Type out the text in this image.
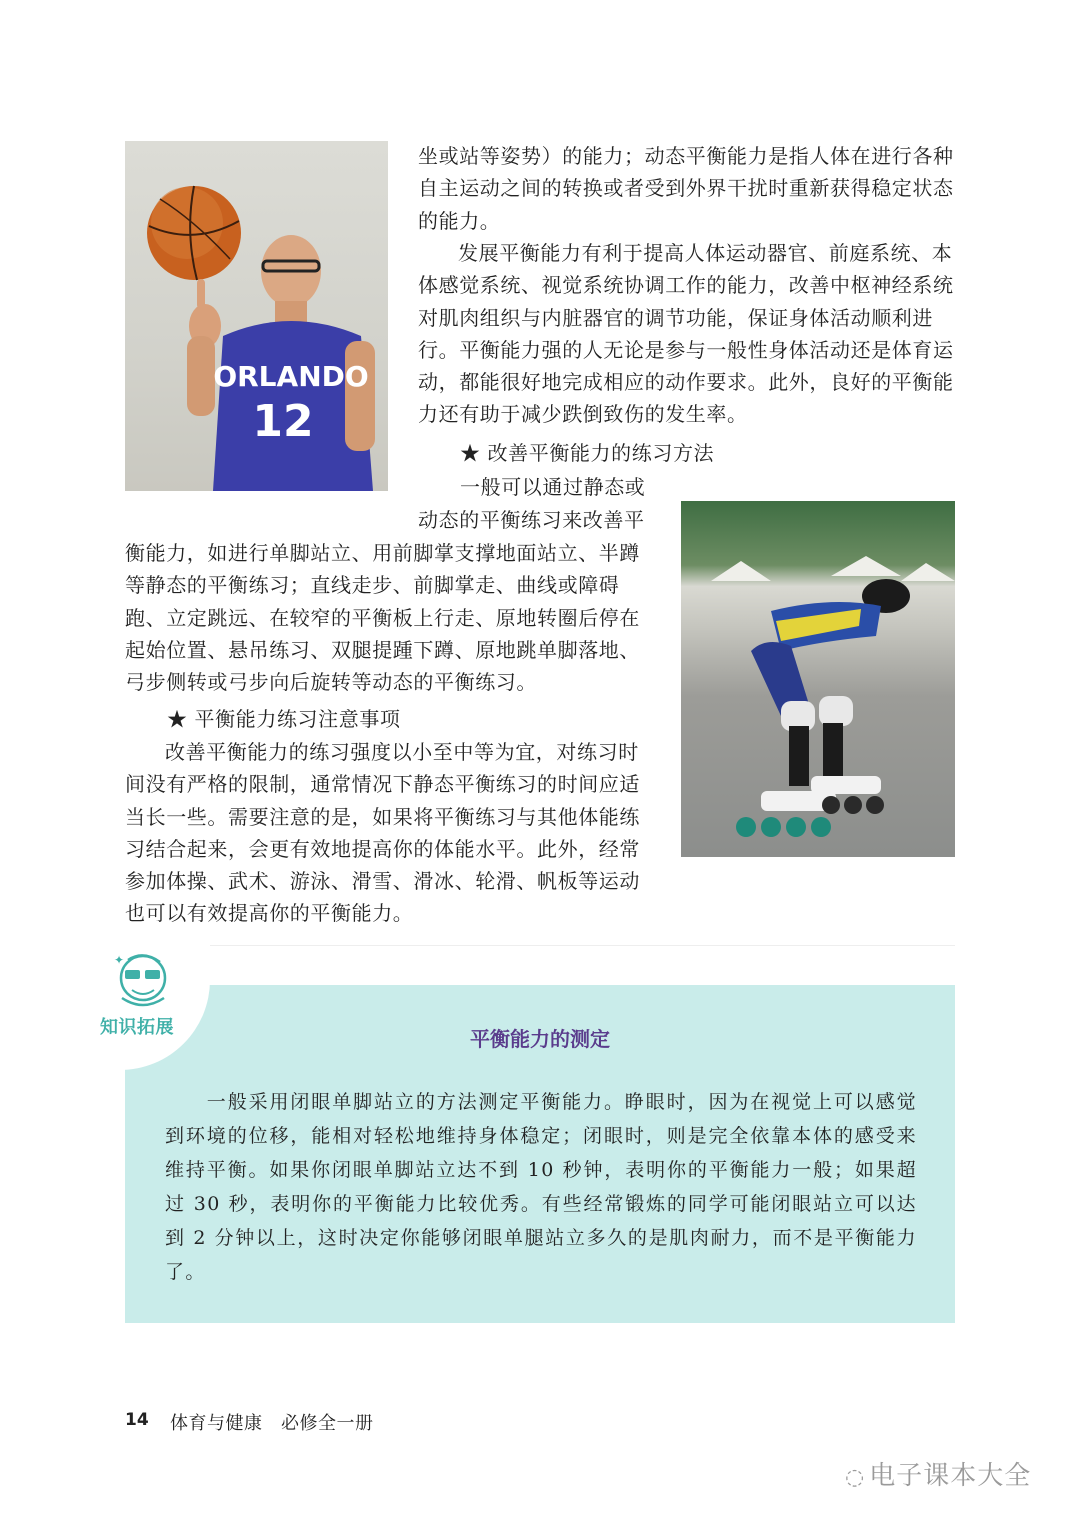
ORLANDO
12

坐或站等姿势）的能力；动态平衡能力是指人体在进行各种自主运动之间的转换或者受到外界干扰时重新获得稳定状态的能力。

发展平衡能力有利于提高人体运动器官、前庭系统、本体感觉系统、视觉系统协调工作的能力，改善中枢神经系统对肌肉组织与内脏器官的调节功能，保证身体活动顺利进行。平衡能力强的人无论是参与一般性身体活动还是体育运动，都能很好地完成相应的动作要求。此外，良好的平衡能力还有助于减少跌倒致伤的发生率。

★ 改善平衡能力的练习方法
一般可以通过静态或
动态的平衡练习来改善平

衡能力，如进行单脚站立、用前脚掌支撑地面站立、半蹲等静态的平衡练习；直线走步、前脚掌走、曲线或障碍跑、立定跳远、在较窄的平衡板上行走、原地转圈后停在起始位置、悬吊练习、双腿提踵下蹲、原地跳单脚落地、弓步侧转或弓步向后旋转等动态的平衡练习。

★ 平衡能力练习注意事项

改善平衡能力的练习强度以小至中等为宜，对练习时间没有严格的限制，通常情况下静态平衡练习的时间应适当长一些。需要注意的是，如果将平衡练习与其他体能练习结合起来，会更有效地提高你的体能水平。此外，经常参加体操、武术、游泳、滑雪、滑冰、轮滑、帆板等运动也可以有效提高你的平衡能力。

✦
知识拓展	平衡能力的测定

一般采用闭眼单脚站立的方法测定平衡能力。睁眼时，因为在视觉上可以感觉到环境的位移，能相对轻松地维持身体稳定；闭眼时，则是完全依靠本体的感受来维持平衡。如果你闭眼单脚站立达不到 10 秒钟，表明你的平衡能力一般；如果超过 30 秒，表明你的平衡能力比较优秀。有些经常锻炼的同学可能闭眼站立可以达到 2 分钟以上，这时决定你能够闭眼单腿站立多久的是肌肉耐力，而不是平衡能力了。

14 体育与健康　必修全一册
◌ 电子课本大全
